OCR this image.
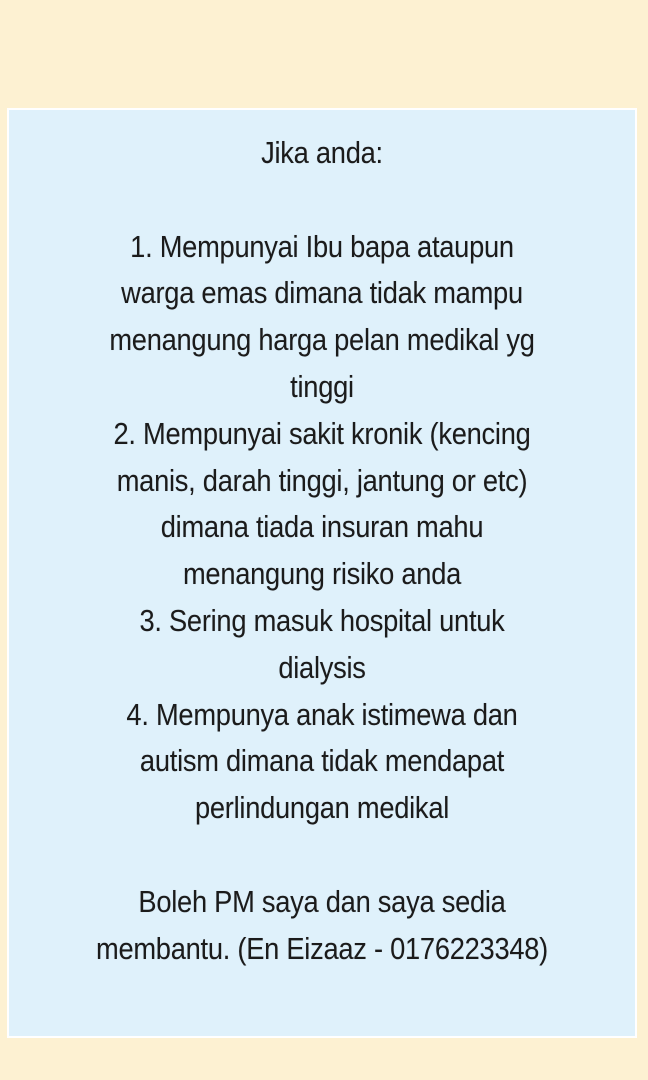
Jika anda:
1. Mempunyai Ibu bapa ataupun
warga emas dimana tidak mampu
menangung harga pelan medikal yg
tinggi
2. Mempunyai sakit kronik (kencing
manis, darah tinggi, jantung or etc)
dimana tiada insuran mahu
menangung risiko anda
3. Sering masuk hospital untuk
dialysis
4. Mempunya anak istimewa dan
autism dimana tidak mendapat
perlindungan medikal
Boleh PM saya dan saya sedia
membantu. (En Eizaaz - 0176223348)
